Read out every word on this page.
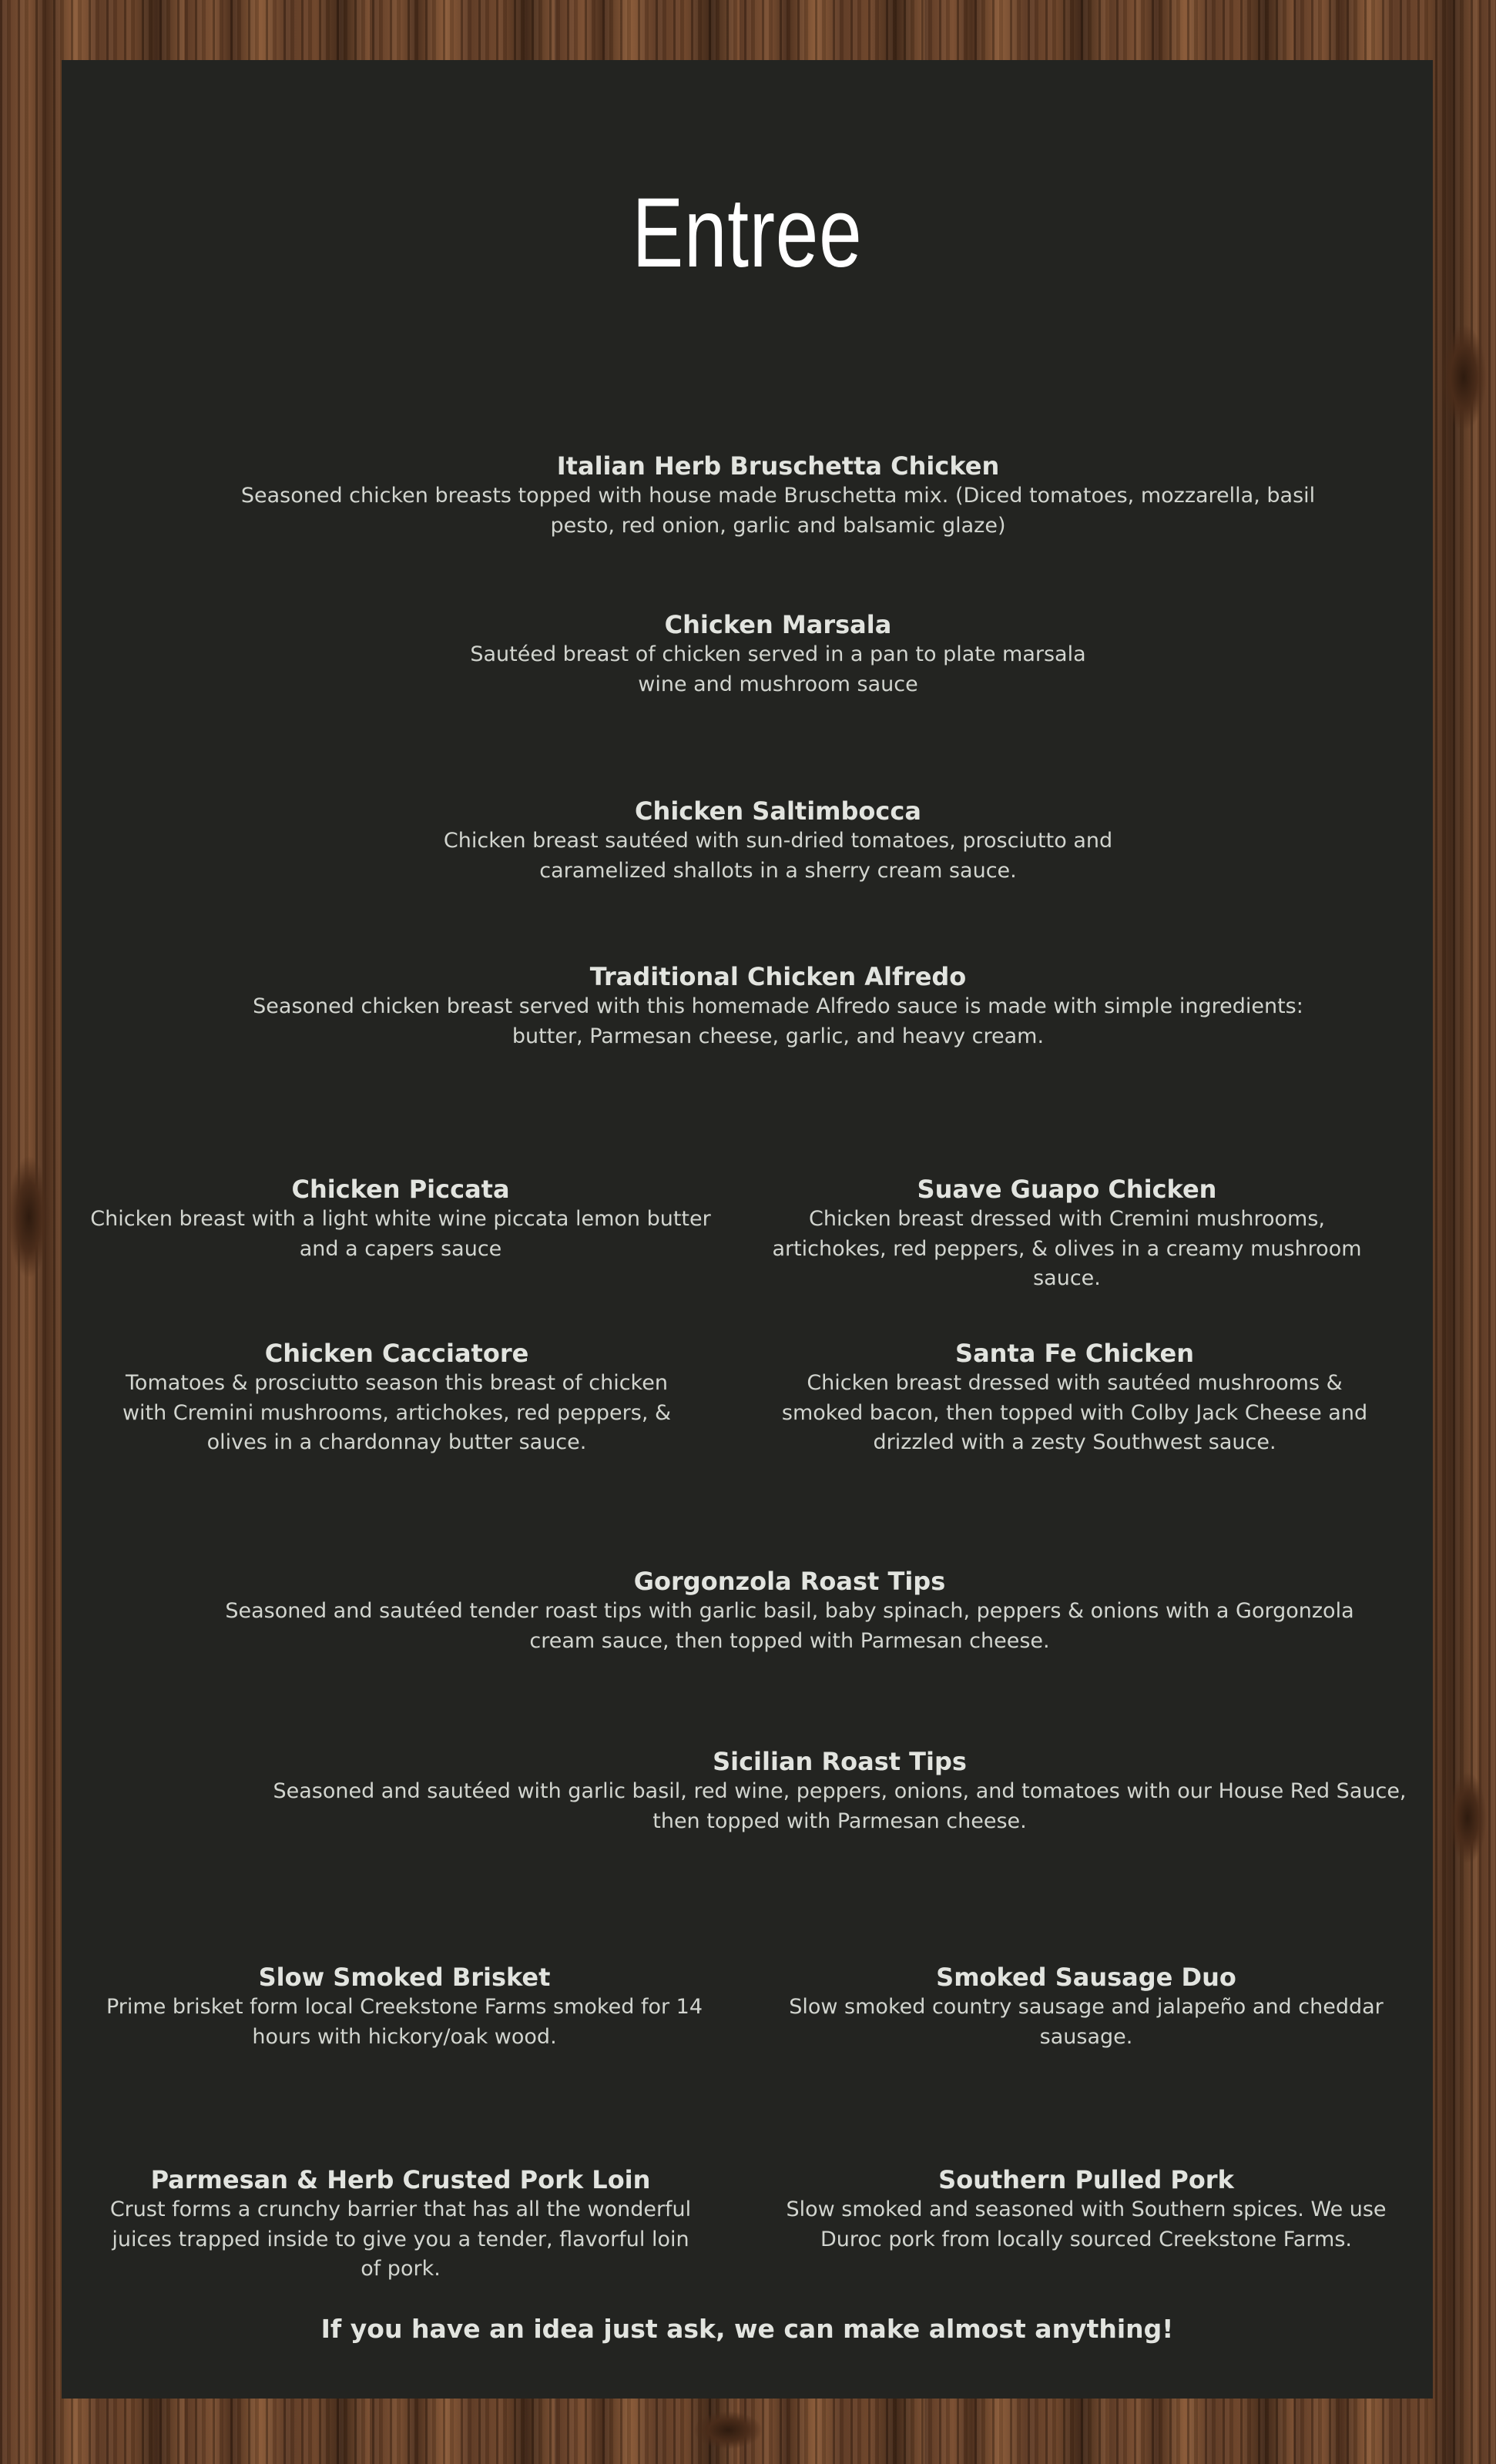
Entree
Italian Herb Bruschetta Chicken
Seasoned chicken breasts topped with house made Bruschetta mix. (Diced tomatoes, mozzarella, basil pesto, red onion, garlic and balsamic glaze)
Chicken Marsala
Sautéed breast of chicken served in a pan to plate marsala wine and mushroom sauce
Chicken Saltimbocca
Chicken breast sautéed with sun-dried tomatoes, prosciutto and caramelized shallots in a sherry cream sauce.
Traditional Chicken Alfredo
Seasoned chicken breast served with this homemade Alfredo sauce is made with simple ingredients: butter, Parmesan cheese, garlic, and heavy cream.
Chicken Piccata
Chicken breast with a light white wine piccata lemon butter and a capers sauce
Suave Guapo Chicken
Chicken breast dressed with Cremini mushrooms, artichokes, red peppers, & olives in a creamy mushroom sauce.
Chicken Cacciatore
Tomatoes & prosciutto season this breast of chicken with Cremini mushrooms, artichokes, red peppers, & olives in a chardonnay butter sauce.
Santa Fe Chicken
Chicken breast dressed with sautéed mushrooms & smoked bacon, then topped with Colby Jack Cheese and drizzled with a zesty Southwest sauce.
Gorgonzola Roast Tips
Seasoned and sautéed tender roast tips with garlic basil, baby spinach, peppers & onions with a Gorgonzola cream sauce, then topped with Parmesan cheese.
Sicilian Roast Tips
Seasoned and sautéed with garlic basil, red wine, peppers, onions, and tomatoes with our House Red Sauce, then topped with Parmesan cheese.
Slow Smoked Brisket
Prime brisket form local Creekstone Farms smoked for 14 hours with hickory/oak wood.
Smoked Sausage Duo
Slow smoked country sausage and jalapeño and cheddar sausage.
Parmesan & Herb Crusted Pork Loin
Crust forms a crunchy barrier that has all the wonderful juices trapped inside to give you a tender, flavorful loin of pork.
Southern Pulled Pork
Slow smoked and seasoned with Southern spices. We use Duroc pork from locally sourced Creekstone Farms.
If you have an idea just ask, we can make almost anything!
